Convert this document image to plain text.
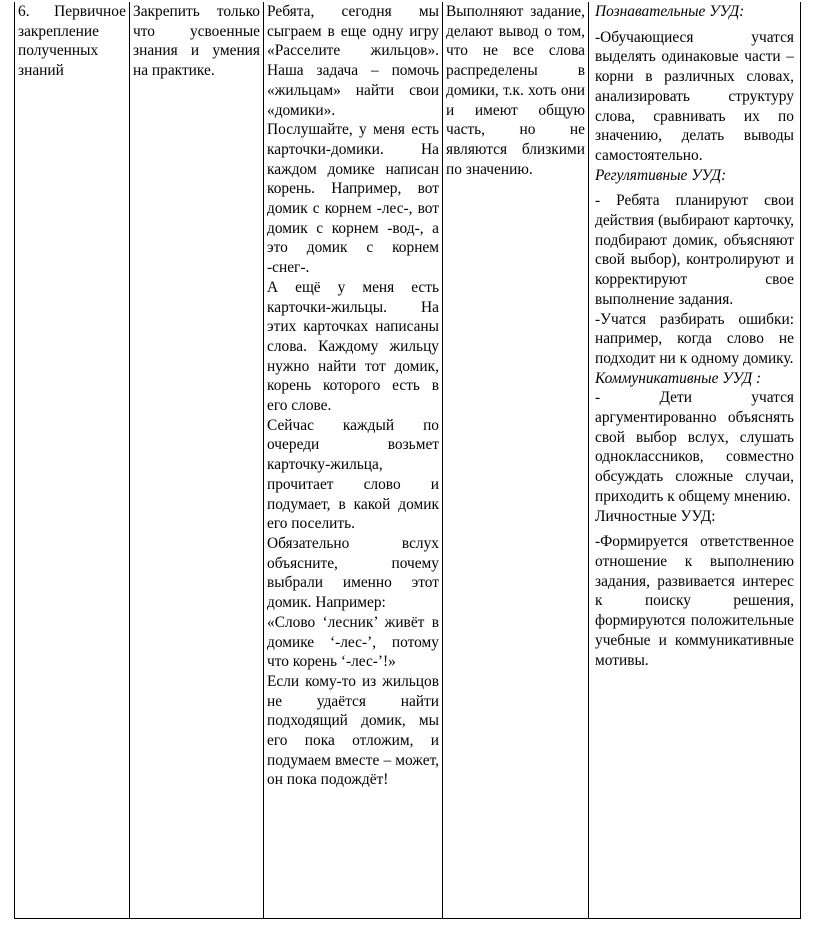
6. Первичное закрепление полученных знаний

Закрепить только что усвоенные знания и умения на практике.

Ребята, сегодня мы сыграем в еще одну игру «Расселите жильцов». Наша задача – помочь «жильцам» найти свои «домики».

Послушайте, у меня есть карточки-домики. На каждом домике написан корень. Например, вот домик с корнем -лес-, вот домик с корнем -вод-, а это домик с корнем -снег-.

А ещё у меня есть карточки-жильцы. На этих карточках написаны слова. Каждому жильцу нужно найти тот домик, корень которого есть в его слове.

Сейчас каждый по очереди возьмет карточку-жильца, прочитает слово и подумает, в какой домик его поселить.

Обязательно вслух объясните, почему выбрали именно этот домик. Например:

«Слово ‘лесник’ живёт в домике ‘-лес-’, потому что корень ‘-лес-’!»

Если кому-то из жильцов не удаётся найти подходящий домик, мы его пока отложим, и подумаем вместе – может, он пока подождёт!

Выполняют задание, делают вывод о том, что не все слова распределены в домики, т.к. хоть они и имеют общую часть, но не являются близкими по значению.

Познавательные УУД:

-Обучающиеся учатся выделять одинаковые части – корни в различных словах, анализировать структуру слова, сравнивать их по значению, делать выводы самостоятельно.

Регулятивные УУД:

- Ребята планируют свои действия (выбирают карточку, подбирают домик, объясняют свой выбор), контролируют и корректируют свое выполнение задания.

-Учатся разбирать ошибки: например, когда слово не подходит ни к одному домику.

Коммуникативные УУД :

- Дети учатся аргументированно объяснять свой выбор вслух, слушать одноклассников, совместно обсуждать сложные случаи, приходить к общему мнению.

Личностные УУД:

-Формируется ответственное отношение к выполнению задания, развивается интерес к поиску решения, формируются положительные учебные и коммуникативные мотивы.
